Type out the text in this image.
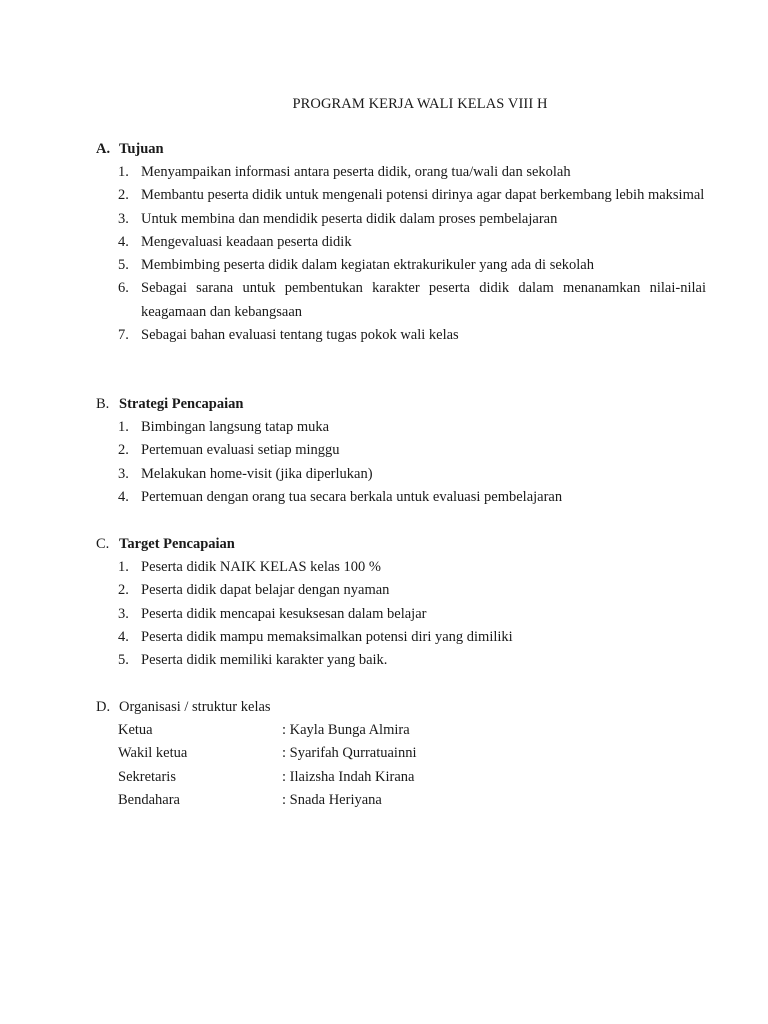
PROGRAM KERJA WALI KELAS VIII H
A. Tujuan
1. Menyampaikan informasi antara peserta didik, orang tua/wali dan sekolah
2. Membantu peserta didik untuk mengenali potensi dirinya agar dapat berkembang lebih maksimal
3. Untuk membina dan mendidik peserta didik dalam proses pembelajaran
4. Mengevaluasi keadaan peserta didik
5. Membimbing peserta didik dalam kegiatan ektrakurikuler yang ada di sekolah
6. Sebagai sarana untuk pembentukan karakter peserta didik dalam menanamkan nilai-nilai keagamaan dan kebangsaan
7. Sebagai bahan evaluasi tentang tugas pokok wali kelas
B. Strategi Pencapaian
1. Bimbingan langsung tatap muka
2. Pertemuan evaluasi setiap minggu
3. Melakukan home-visit (jika diperlukan)
4. Pertemuan dengan orang tua secara berkala untuk evaluasi pembelajaran
C. Target Pencapaian
1. Peserta didik NAIK KELAS kelas 100 %
2. Peserta didik dapat belajar dengan nyaman
3. Peserta didik mencapai kesuksesan dalam belajar
4. Peserta didik mampu memaksimalkan potensi diri yang dimiliki
5. Peserta didik memiliki karakter yang baik.
D. Organisasi / struktur kelas
Ketua	: Kayla Bunga Almira
Wakil ketua	: Syarifah Qurratuainni
Sekretaris	: Ilaizsha Indah Kirana
Bendahara	: Snada Heriyana
